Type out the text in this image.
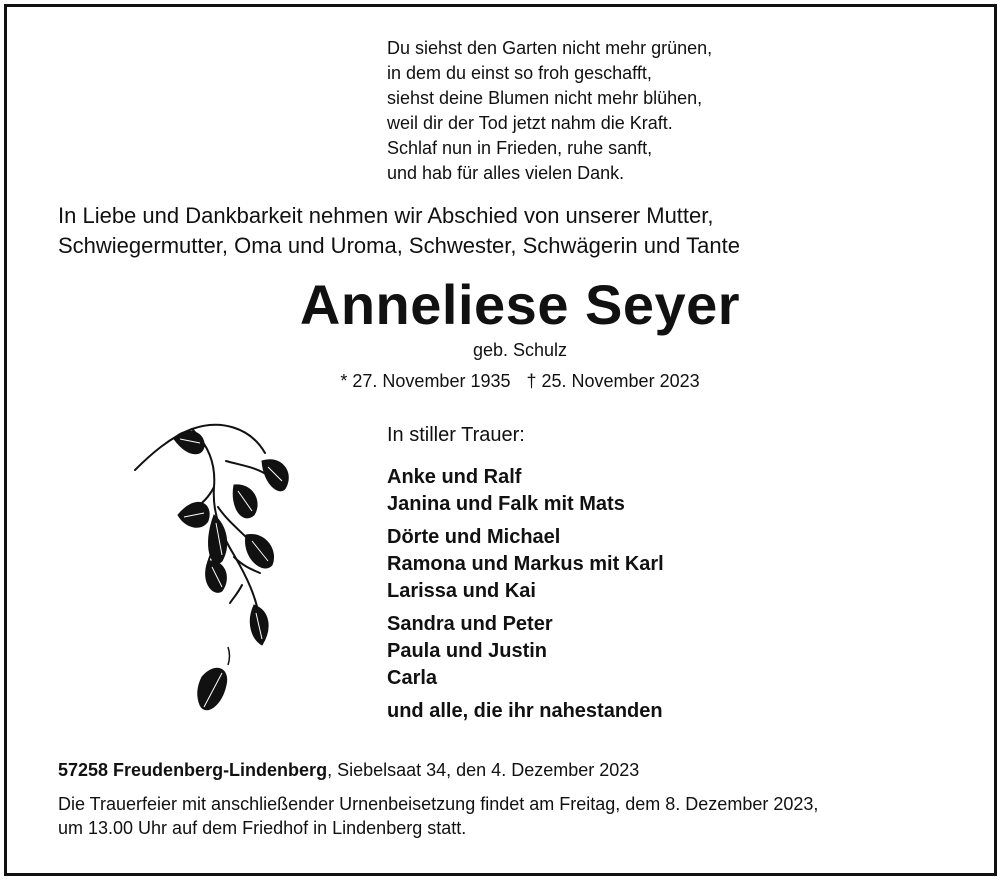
Du siehst den Garten nicht mehr grünen,
in dem du einst so froh geschafft,
siehst deine Blumen nicht mehr blühen,
weil dir der Tod jetzt nahm die Kraft.
Schlaf nun in Frieden, ruhe sanft,
und hab für alles vielen Dank.
In Liebe und Dankbarkeit nehmen wir Abschied von unserer Mutter,
Schwiegermutter, Oma und Uroma, Schwester, Schwägerin und Tante
Anneliese Seyer
geb. Schulz
* 27. November 1935 † 25. November 2023
In stiller Trauer:
Anke und Ralf
Janina und Falk mit Mats
Dörte und Michael
Ramona und Markus mit Karl
Larissa und Kai
Sandra und Peter
Paula und Justin
Carla
und alle, die ihr nahestanden
57258 Freudenberg-Lindenberg, Siebelsaat 34, den 4. Dezember 2023
Die Trauerfeier mit anschließender Urnenbeisetzung findet am Freitag, dem 8. Dezember 2023,
um 13.00 Uhr auf dem Friedhof in Lindenberg statt.
